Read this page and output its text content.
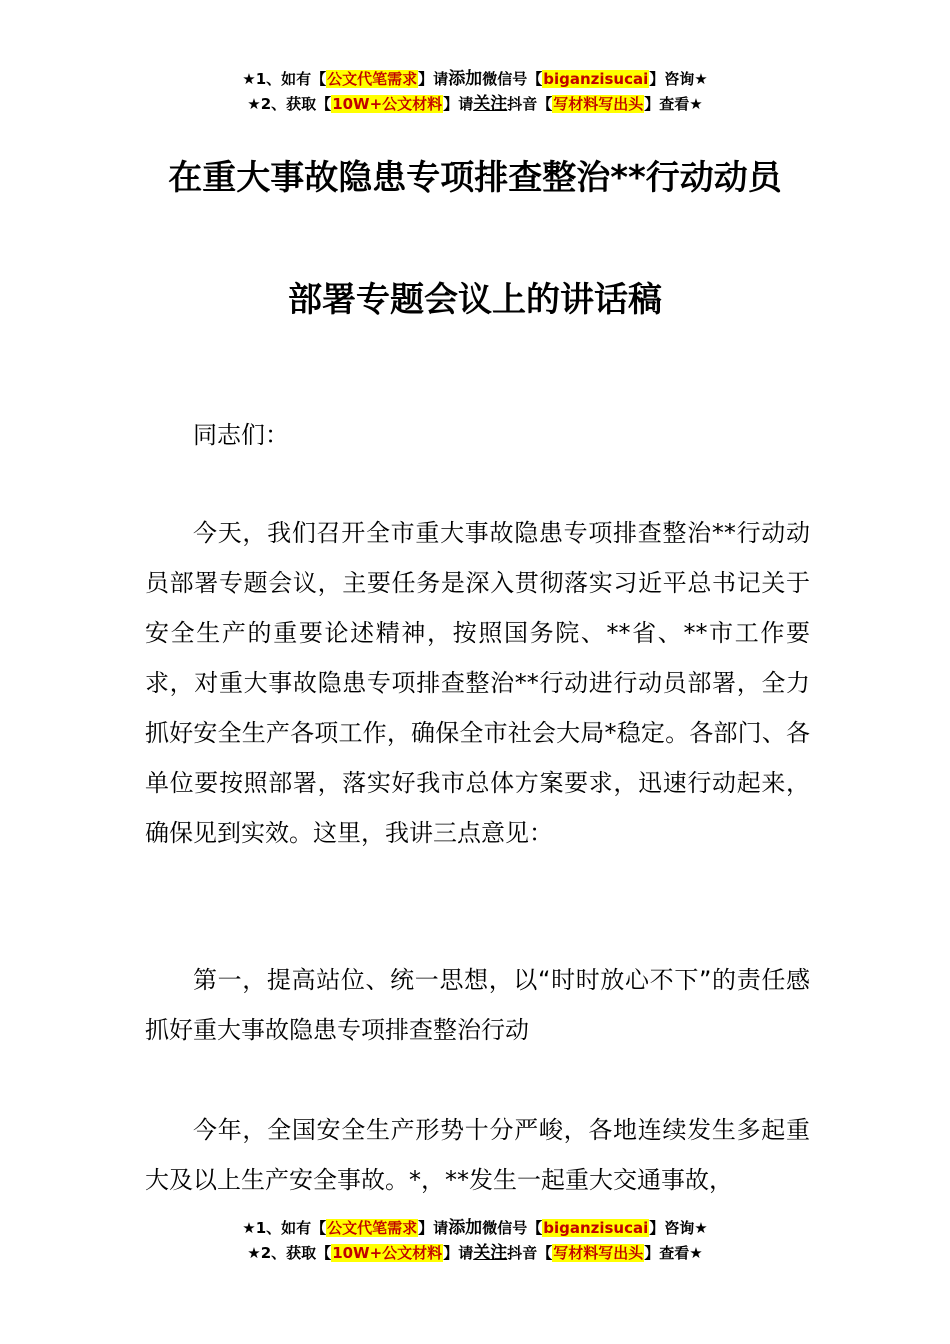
★1、如有【公文代笔需求】请添加微信号【biganzisucai】咨询★
★2、获取【10W+公文材料】请关注抖音【写材料写出头】查看★
在重大事故隐患专项排查整治**行动动员
部署专题会议上的讲话稿

同志们：

今天，我们召开全市重大事故隐患专项排查整治**行动动员部署专题会议，主要任务是深入贯彻落实习近平总书记关于安全生产的重要论述精神，按照国务院、**省、**市工作要求，对重大事故隐患专项排查整治**行动进行动员部署，全力抓好安全生产各项工作，确保全市社会大局*稳定。各部门、各单位要按照部署，落实好我市总体方案要求，迅速行动起来，确保见到实效。这里，我讲三点意见：

第一，提高站位、统一思想，以“时时放心不下”的责任感抓好重大事故隐患专项排查整治行动

今年，全国安全生产形势十分严峻，各地连续发生多起重大及以上生产安全事故。*，**发生一起重大交通事故，

★1、如有【公文代笔需求】请添加微信号【biganzisucai】咨询★
★2、获取【10W+公文材料】请关注抖音【写材料写出头】查看★
